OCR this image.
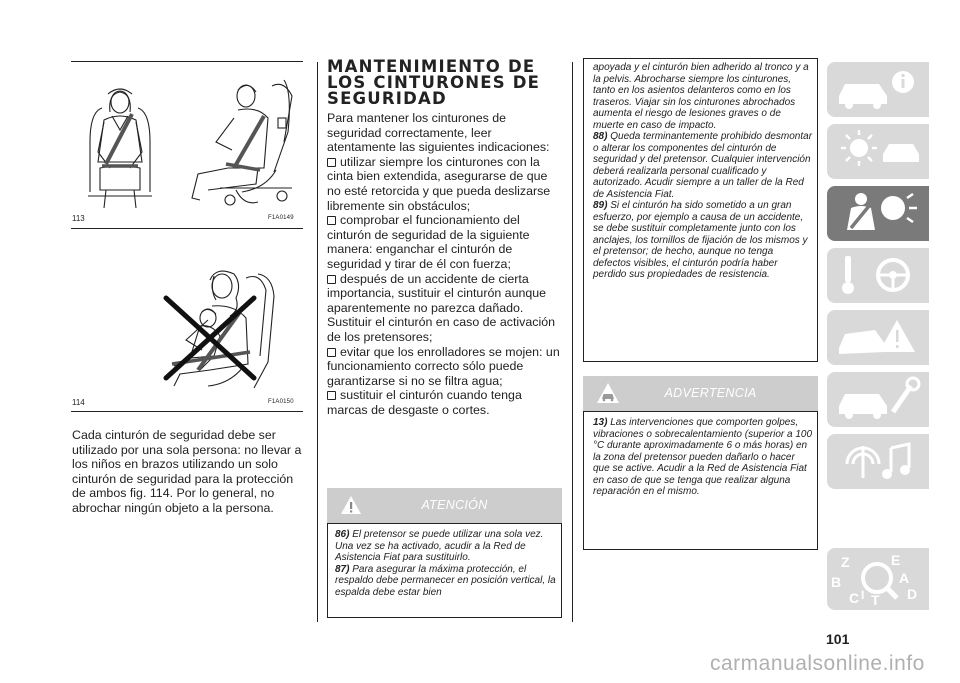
113	F1A0149
114	F1A0150

Cada cinturón de seguridad debe ser utilizado por una sola persona: no llevar a los niños en brazos utilizando un solo cinturón de seguridad para la protección de ambos fig. 114. Por lo general, no abrochar ningún objeto a la persona.

MANTENIMIENTO DE
LOS CINTURONES DE
SEGURIDAD

Para mantener los cinturones de seguridad correctamente, leer atentamente las siguientes indicaciones:

utilizar siempre los cinturones con la cinta bien extendida, asegurarse de que no esté retorcida y que pueda deslizarse libremente sin obstáculos;

comprobar el funcionamiento del cinturón de seguridad de la siguiente manera: enganchar el cinturón de seguridad y tirar de él con fuerza;

después de un accidente de cierta importancia, sustituir el cinturón aunque aparentemente no parezca dañado. Sustituir el cinturón en caso de activación de los pretensores;

evitar que los enrolladores se mojen: un funcionamiento correcto sólo puede garantizarse si no se filtra agua;

sustituir el cinturón cuando tenga marcas de desgaste o cortes.

ATENCIÓN

86) El pretensor se puede utilizar una sola vez. Una vez se ha activado, acudir a la Red de Asistencia Fiat para sustituirlo.

87) Para asegurar la máxima protección, el respaldo debe permanecer en posición vertical, la espalda debe estar bien

apoyada y el cinturón bien adherido al tronco y a la pelvis. Abrocharse siempre los cinturones, tanto en los asientos delanteros como en los traseros. Viajar sin los cinturones abrochados aumenta el riesgo de lesiones graves o de muerte en caso de impacto.

88) Queda terminantemente prohibido desmontar o alterar los componentes del cinturón de seguridad y del pretensor. Cualquier intervención deberá realizarla personal cualificado y autorizado. Acudir siempre a un taller de la Red de Asistencia Fiat.

89) Si el cinturón ha sido sometido a un gran esfuerzo, por ejemplo a causa de un accidente, se debe sustituir completamente junto con los anclajes, los tornillos de fijación de los mismos y el pretensor; de hecho, aunque no tenga defectos visibles, el cinturón podría haber perdido sus propiedades de resistencia.

ADVERTENCIA

13) Las intervenciones que comporten golpes, vibraciones o sobrecalentamiento (superior a 100 °C durante aproximadamente 6 o más horas) en la zona del pretensor pueden dañarlo o hacer que se active. Acudir a la Red de Asistencia Fiat en caso de que se tenga que realizar alguna reparación en el mismo.

Z	E
B	A
C T D
I
101
carmanualsonline.info
